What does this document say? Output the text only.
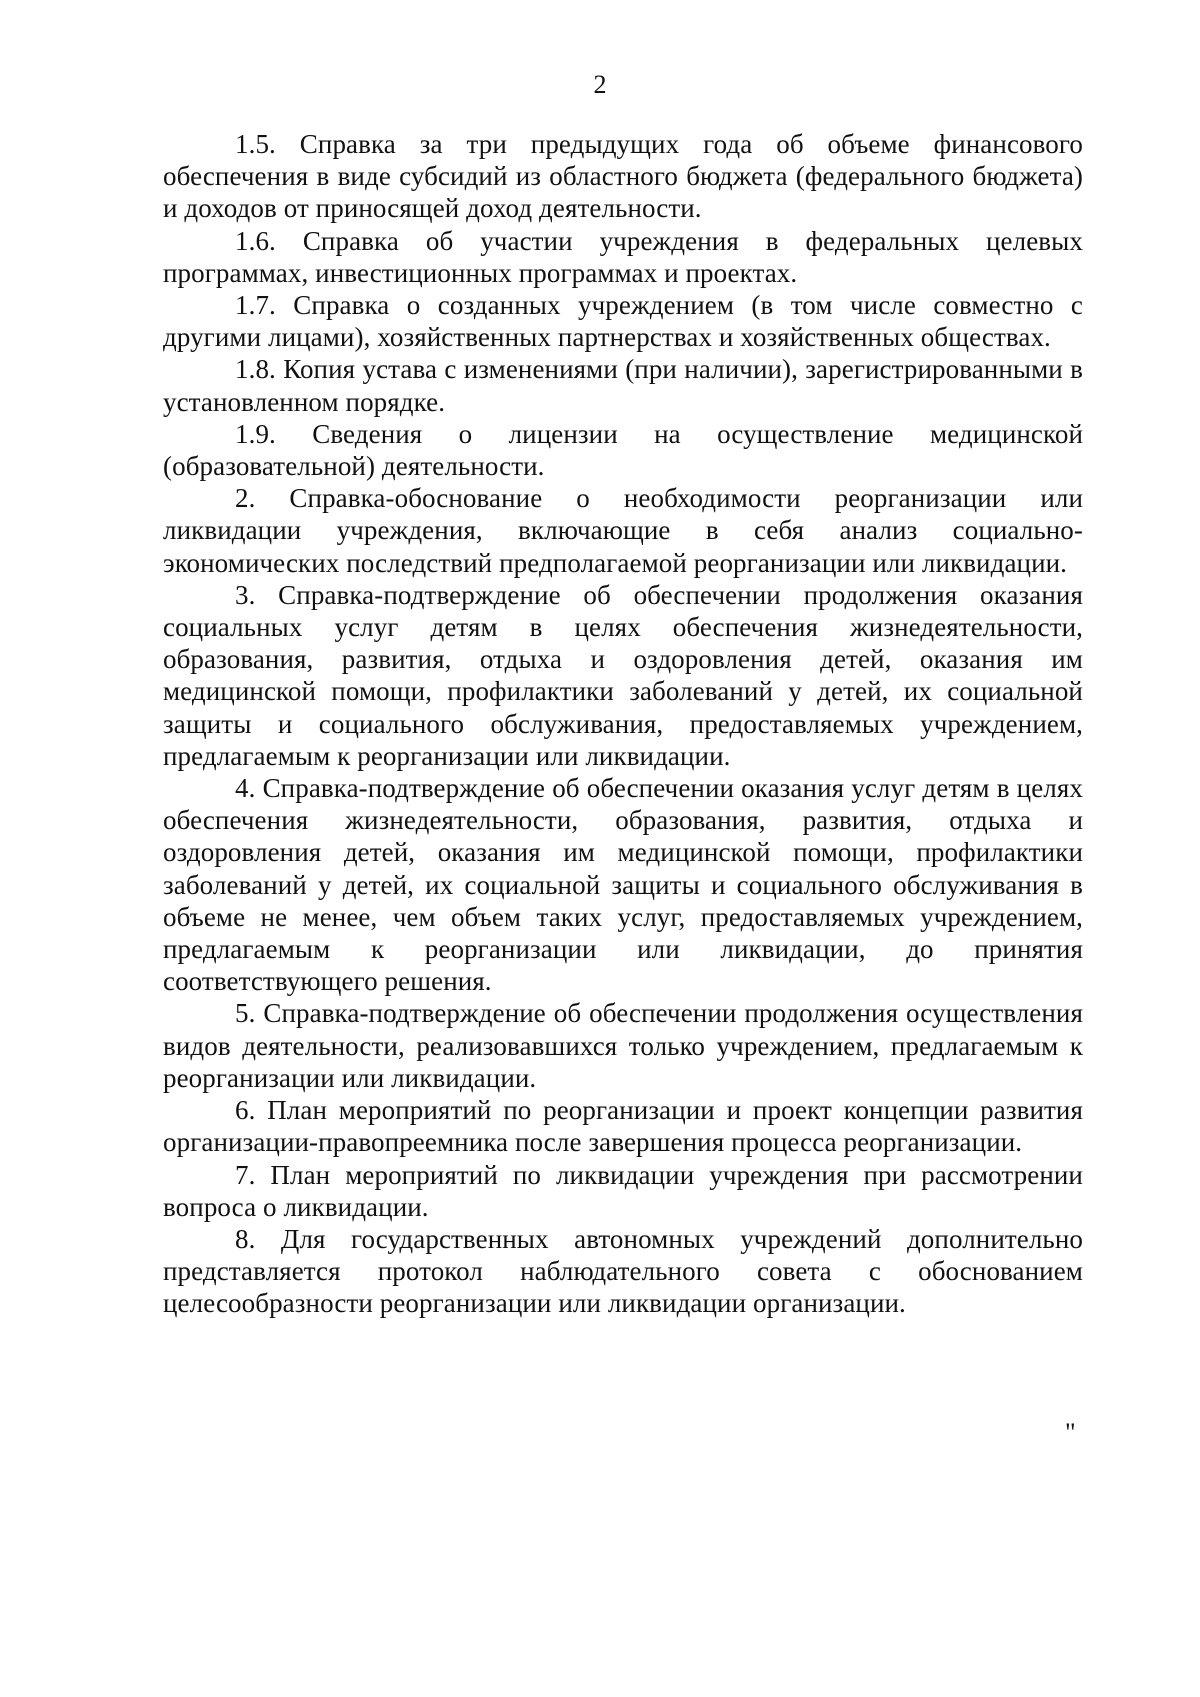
2

1.5. Справка за три предыдущих года об объеме финансового обеспечения в виде субсидий из областного бюджета (федерального бюджета) и доходов от приносящей доход деятельности.

1.6. Справка об участии учреждения в федеральных целевых программах, инвестиционных программах и проектах.

1.7. Справка о созданных учреждением (в том числе совместно с другими лицами), хозяйственных партнерствах и хозяйственных обществах.

1.8. Копия устава с изменениями (при наличии), зарегистрированными в установленном порядке.

1.9. Сведения о лицензии на осуществление медицинской (образовательной) деятельности.

2. Справка-обоснование о необходимости реорганизации или ликвидации учреждения, включающие в себя анализ социально-экономических последствий предполагаемой реорганизации или ликвидации.

3. Справка-подтверждение об обеспечении продолжения оказания социальных услуг детям в целях обеспечения жизнедеятельности, образования, развития, отдыха и оздоровления детей, оказания им медицинской помощи, профилактики заболеваний у детей, их социальной защиты и социального обслуживания, предоставляемых учреждением, предлагаемым к реорганизации или ликвидации.

4. Справка-подтверждение об обеспечении оказания услуг детям в целях обеспечения жизнедеятельности, образования, развития, отдыха и оздоровления детей, оказания им медицинской помощи, профилактики заболеваний у детей, их социальной защиты и социального обслуживания в объеме не менее, чем объем таких услуг, предоставляемых учреждением, предлагаемым к реорганизации или ликвидации, до принятия соответствующего решения.

5. Справка-подтверждение об обеспечении продолжения осуществления видов деятельности, реализовавшихся только учреждением, предлагаемым к реорганизации или ликвидации.

6. План мероприятий по реорганизации и проект концепции развития организации-правопреемника после завершения процесса реорганизации.

7. План мероприятий по ликвидации учреждения при рассмотрении вопроса о ликвидации.

8. Для государственных автономных учреждений дополнительно представляется протокол наблюдательного совета с обоснованием целесообразности реорганизации или ликвидации организации.

"
